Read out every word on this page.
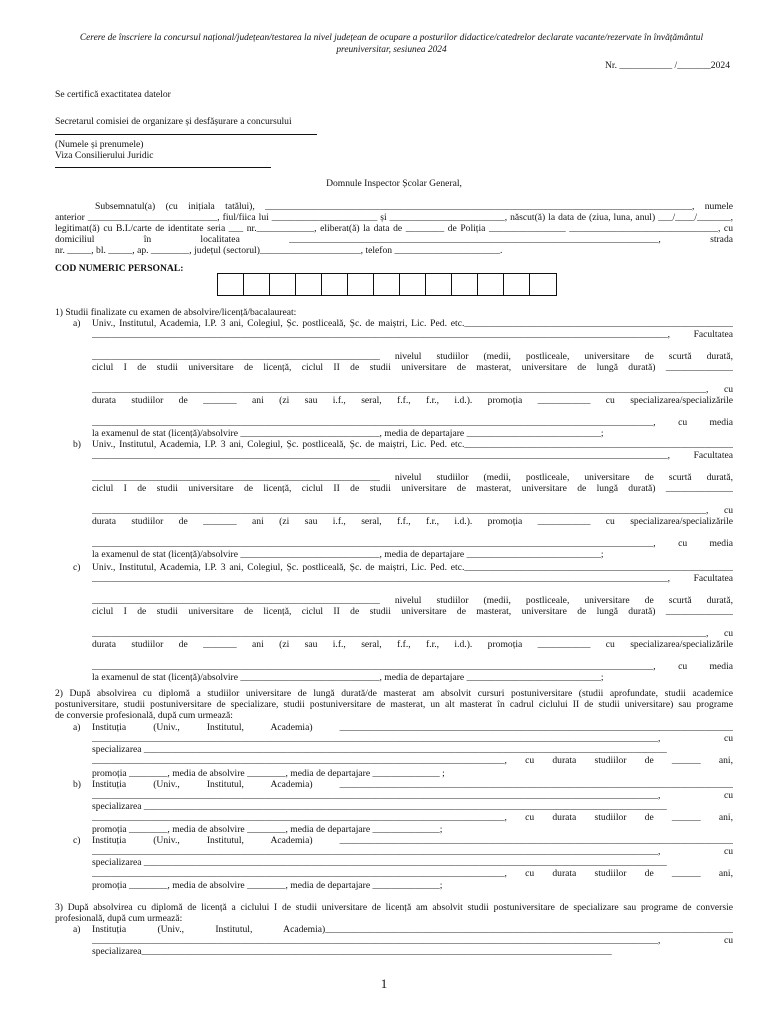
Cerere de înscriere la concursul național/județean/testarea la nivel județean de ocupare a posturilor didactice/catedrelor declarate vacante/rezervate în învățământul preuniversitar, sesiunea 2024
Nr. ___________ /_______2024
Se certifică exactitatea datelor
Secretarul comisiei de organizare și desfășurare a concursului
(Numele și prenumele)
Viza Consilierului Juridic
Domnule Inspector Școlar General,
Subsemnatul(a) (cu inițiala tatălui), _________________________________________________________________________________________, numele
anterior ___________________________, fiul/fiica lui ______________________ și ________________________, născut(ă) la data de (ziua, luna, anul) ___/____/_______,
legitimat(ă) cu B.I./carte de identitate seria ___ nr.____________, eliberat(ă) la data de ________ de Poliția ________________ _______________________________, cu
domiciliul în localitatea _____________________________________________________________________________, strada
nr. _____, bl. _____, ap. ________, județul (sectorul)_____________________, telefon ______________________.
COD NUMERIC PERSONAL:
1) Studii finalizate cu examen de absolvire/licență/bacalaureat:
a) Univ., Institutul, Academia, I.P. 3 ani, Colegiul, Șc. postliceală, Șc. de maiștri, Lic. Ped. etc.________________________________________________________
________________________________________________________________________________________________________________________, Facultatea
____________________________________________________________ nivelul studiilor (medii, postliceale, universitare de scurtă durată,
ciclul I de studii universitare de licență, ciclul II de studii universitare de masterat, universitare de lungă durată) ______________
________________________________________________________________________________________________________________________________, cu
durata studiilor de _______ ani (zi sau i.f., seral, f.f., f.r., i.d.). promoția ___________ cu specializarea/specializările
_____________________________________________________________________________________________________________________, cu media
la examenul de stat (licență)/absolvire _____________________________, media de departajare ____________________________;
b) Univ., Institutul, Academia, I.P. 3 ani, Colegiul, Șc. postliceală, Șc. de maiștri, Lic. Ped. etc.________________________________________________________
________________________________________________________________________________________________________________________, Facultatea
____________________________________________________________ nivelul studiilor (medii, postliceale, universitare de scurtă durată,
ciclul I de studii universitare de licență, ciclul II de studii universitare de masterat, universitare de lungă durată) ______________
________________________________________________________________________________________________________________________________, cu
durata studiilor de _______ ani (zi sau i.f., seral, f.f., f.r., i.d.). promoția ___________ cu specializarea/specializările
_____________________________________________________________________________________________________________________, cu media
la examenul de stat (licență)/absolvire _____________________________, media de departajare ____________________________;
c) Univ., Institutul, Academia, I.P. 3 ani, Colegiul, Șc. postliceală, Șc. de maiștri, Lic. Ped. etc.________________________________________________________
________________________________________________________________________________________________________________________, Facultatea
____________________________________________________________ nivelul studiilor (medii, postliceale, universitare de scurtă durată,
ciclul I de studii universitare de licență, ciclul II de studii universitare de masterat, universitare de lungă durată) ______________
________________________________________________________________________________________________________________________________, cu
durata studiilor de _______ ani (zi sau i.f., seral, f.f., f.r., i.d.). promoția ___________ cu specializarea/specializările
_____________________________________________________________________________________________________________________, cu media
la examenul de stat (licență)/absolvire _____________________________, media de departajare ____________________________;
2) După absolvirea cu diplomă a studiilor universitare de lungă durată/de masterat am absolvit cursuri postuniversitare (studii aprofundate, studii academice
postuniversitare, studii postuniversitare de specializare, studii postuniversitare de masterat, un alt masterat în cadrul ciclului II de studii universitare) sau programe
de conversie profesională, după cum urmează:
a) Instituția (Univ., Institutul, Academia) __________________________________________________________________________________
______________________________________________________________________________________________________________________, cu
specializarea _____________________________________________________________________________________________________________
______________________________________________________________________________________, cu durata studiilor de ______ ani,
promoția ________, media de absolvire ________, media de departajare ______________ ;
b) Instituția (Univ., Institutul, Academia) __________________________________________________________________________________
______________________________________________________________________________________________________________________, cu
specializarea _____________________________________________________________________________________________________________
______________________________________________________________________________________, cu durata studiilor de ______ ani,
promoția ________, media de absolvire ________, media de departajare ______________;
c) Instituția (Univ., Institutul, Academia) __________________________________________________________________________________
______________________________________________________________________________________________________________________, cu
specializarea _____________________________________________________________________________________________________________
______________________________________________________________________________________, cu durata studiilor de ______ ani,
promoția ________, media de absolvire ________, media de departajare ______________;
3) După absolvirea cu diplomă de licență a ciclului I de studii universitare de licență am absolvit studii postuniversitare de specializare sau programe de conversie
profesională, după cum urmează:
a) Instituția (Univ., Institutul, Academia)_____________________________________________________________________________________
______________________________________________________________________________________________________________________, cu
specializarea__________________________________________________________________________________________________
1
